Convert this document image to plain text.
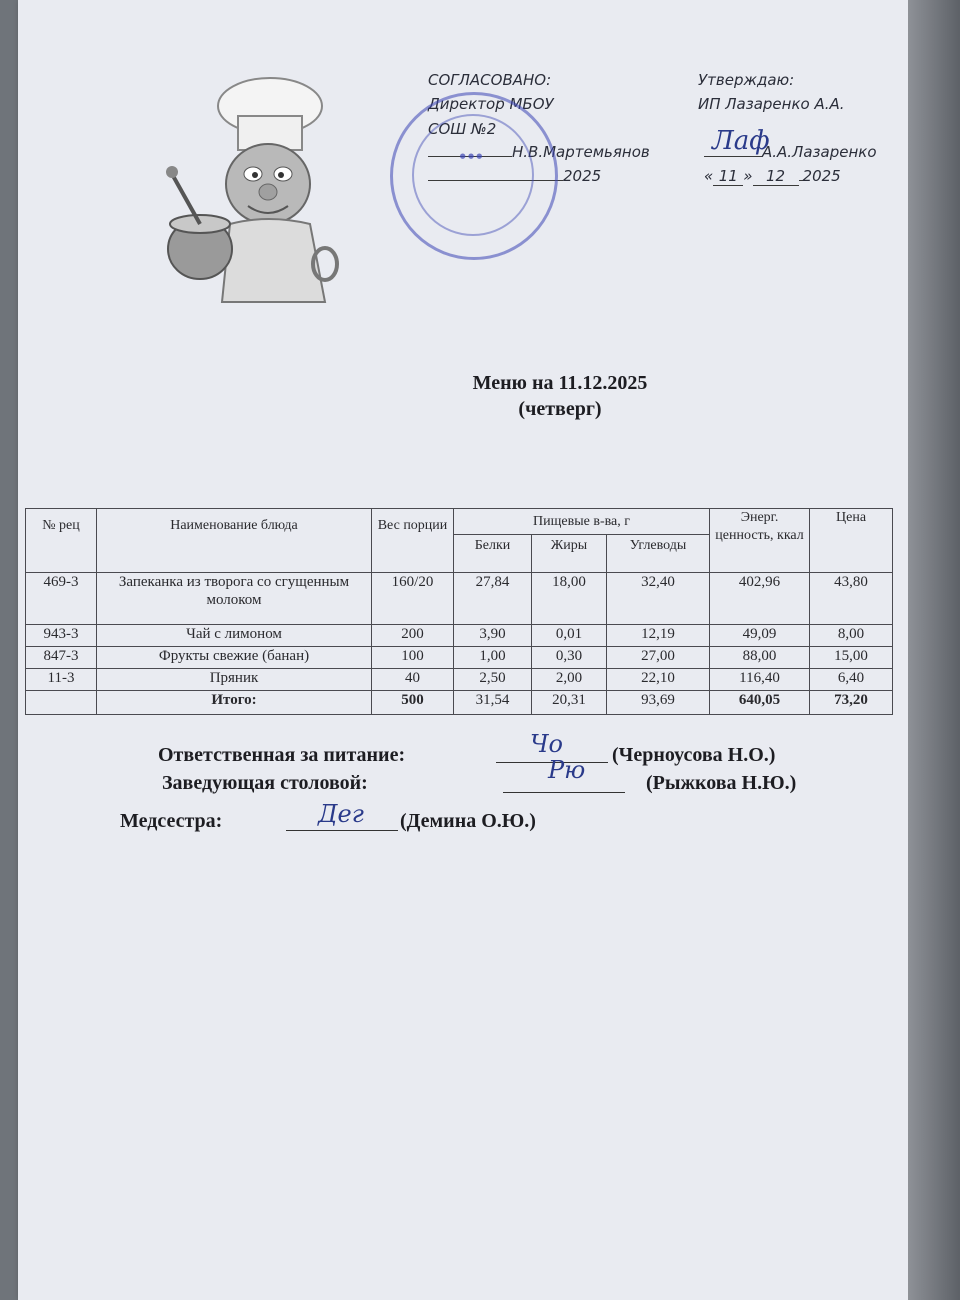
СОГЛАСОВАНО:
Директор МБОУ
СОШ №2
Н.В.Мартемьянов
2025
Утверждаю:
ИП Лазаренко А.А.
А.А.Лазаренко
Лаф
« 11 » 12 2025
● ● ●
Меню на 11.12.2025
(четверг)
№ рец	Наименование блюда	Вес порции	Пищевые в-ва, г			Энерг. ценность, ккал	Цена
			Белки	Жиры	Углеводы		
469-3	Запеканка из творога со сгущенным молоком	160/20	27,84	18,00	32,40	402,96	43,80
943-3	Чай с лимоном	200	3,90	0,01	12,19	49,09	8,00
847-3	Фрукты свежие (банан)	100	1,00	0,30	27,00	88,00	15,00
11-3	Пряник	40	2,50	2,00	22,10	116,40	6,40
	Итого:	500	31,54	20,31	93,69	640,05	73,20
Ответственная за питание:	Чо (Черноусова Н.О.)
Заведующая столовой:	Рю	(Рыжкова Н.Ю.)
Медсестра:	Дег (Демина О.Ю.)
